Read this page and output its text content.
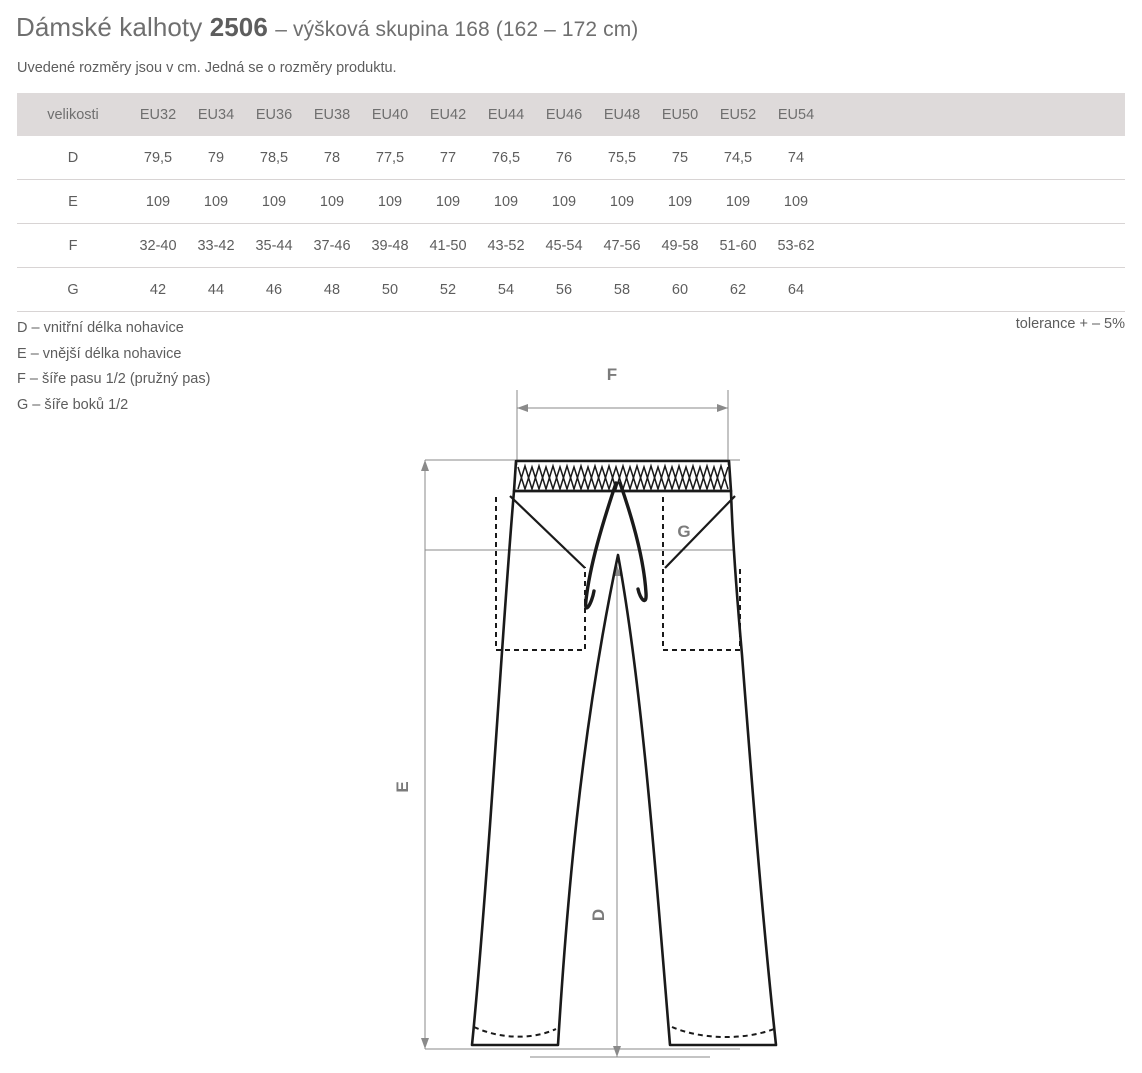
Dámské kalhoty 2506 – výšková skupina 168 (162 – 172 cm)
Uvedené rozměry jsou v cm. Jedná se o rozměry produktu.
velikosti	EU32	EU34	EU36	EU38	EU40	EU42	EU44	EU46	EU48	EU50	EU52	EU54	
D	79,5	79	78,5	78	77,5	77	76,5	76	75,5	75	74,5	74	
E	109	109	109	109	109	109	109	109	109	109	109	109	
F	32-40	33-42	35-44	37-46	39-48	41-50	43-52	45-54	47-56	49-58	51-60	53-62	
G	42	44	46	48	50	52	54	56	58	60	62	64	
D – vnitřní délka nohavice
E – vnější délka nohavice
F – šíře pasu 1/2 (pružný pas)
G – šíře boků 1/2
tolerance + – 5%
F
G
E
D
